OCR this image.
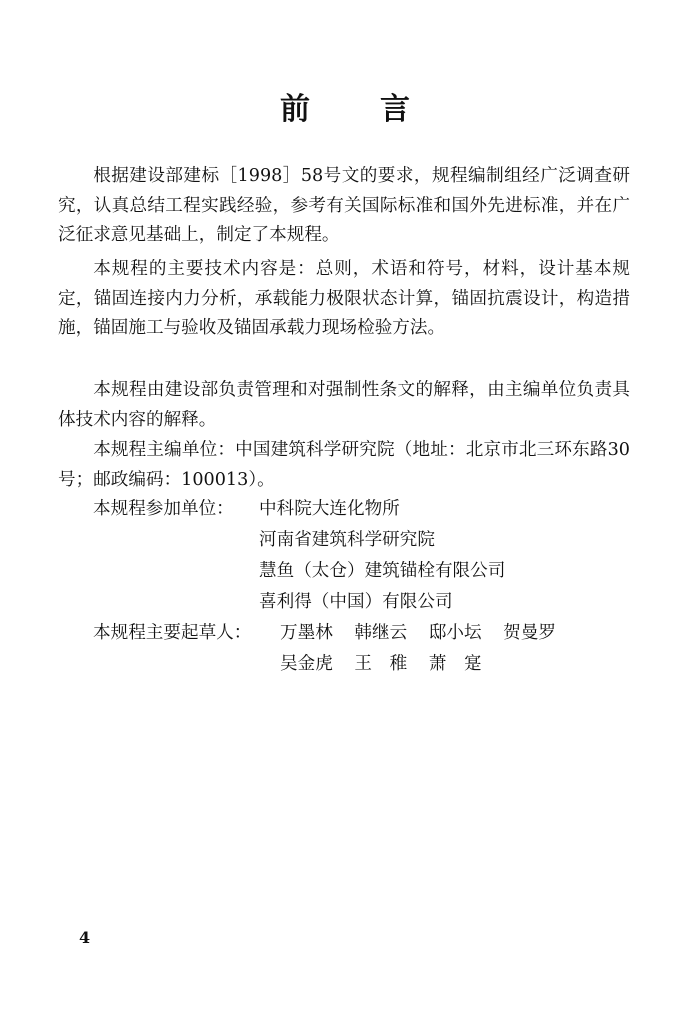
前 言

根据建设部建标［1998］58号文的要求，规程编制组经广泛调查研究，认真总结工程实践经验，参考有关国际标准和国外先进标准，并在广泛征求意见基础上，制定了本规程。

本规程的主要技术内容是：总则，术语和符号，材料，设计基本规定，锚固连接内力分析，承载能力极限状态计算，锚固抗震设计，构造措施，锚固施工与验收及锚固承载力现场检验方法。

本规程由建设部负责管理和对强制性条文的解释，由主编单位负责具体技术内容的解释。

本规程主编单位：中国建筑科学研究院（地址：北京市北三环东路30号；邮政编码：100013）。

本规程参加单位： 中科院大连化物所
河南省建筑科学研究院
慧鱼（太仓）建筑锚栓有限公司
喜利得（中国）有限公司
本规程主要起草人： 万墨林 韩继云 邸小坛 贺曼罗
吴金虎 王　稚 萧　寔
4
